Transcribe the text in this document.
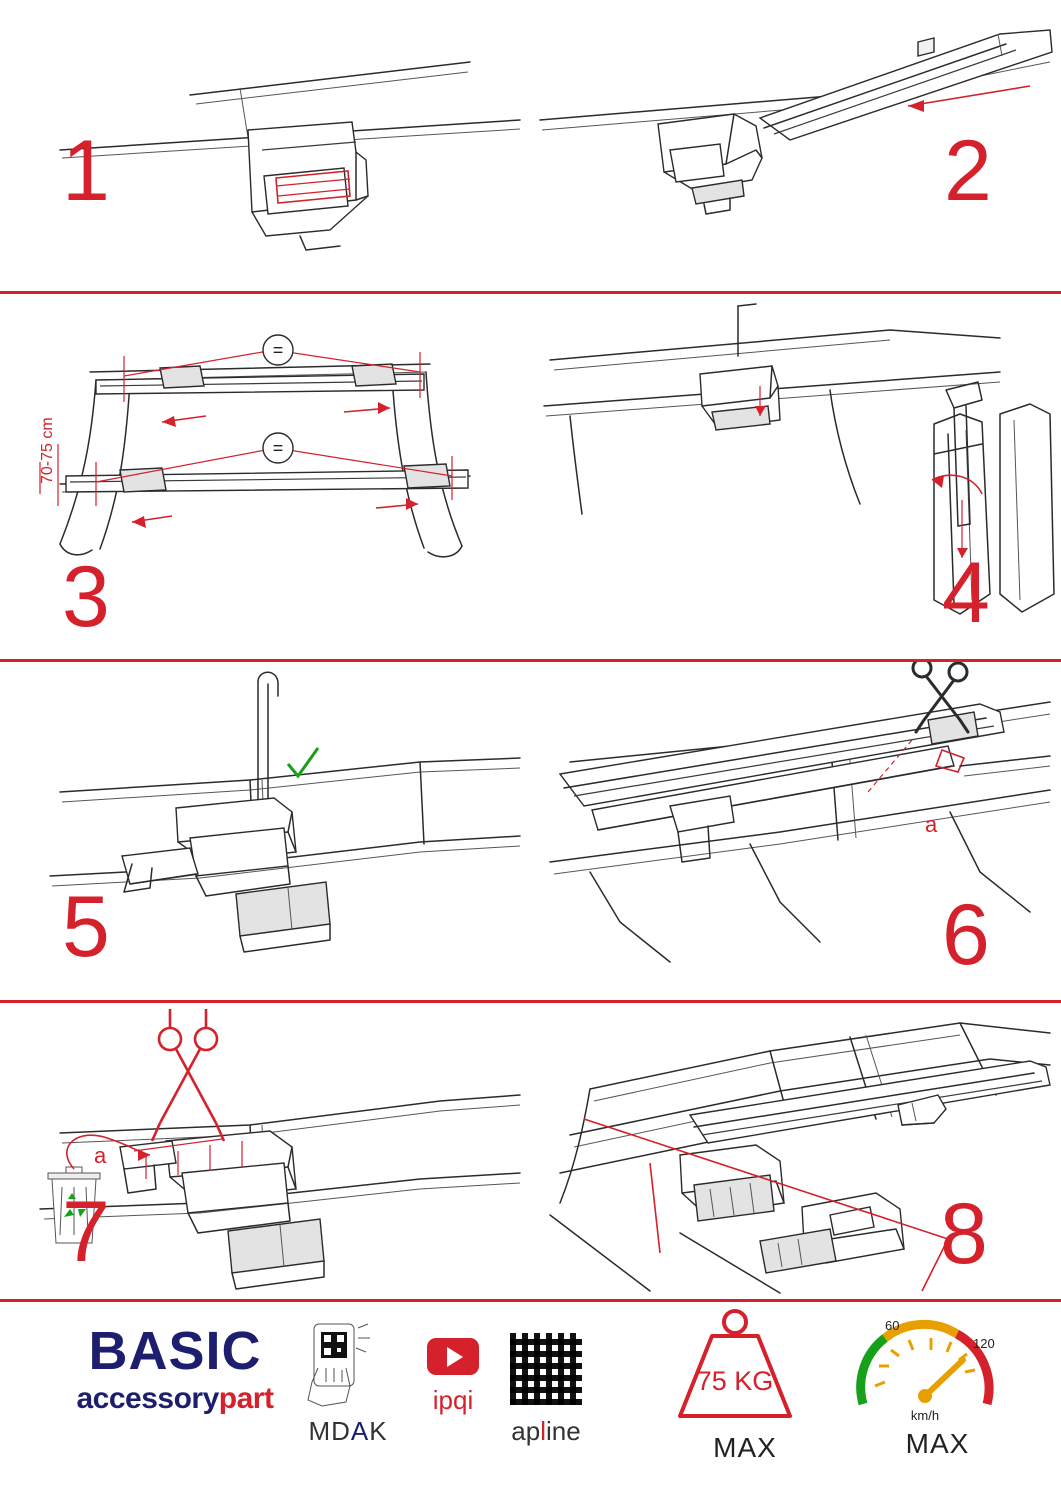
1	2
=
=
70-75 cm
3	4
5
a
6
a
7	8
BASIC
accessorypart
MDAK
ipqi
apline
75 KG
MAX
60
120
km/h
MAX
